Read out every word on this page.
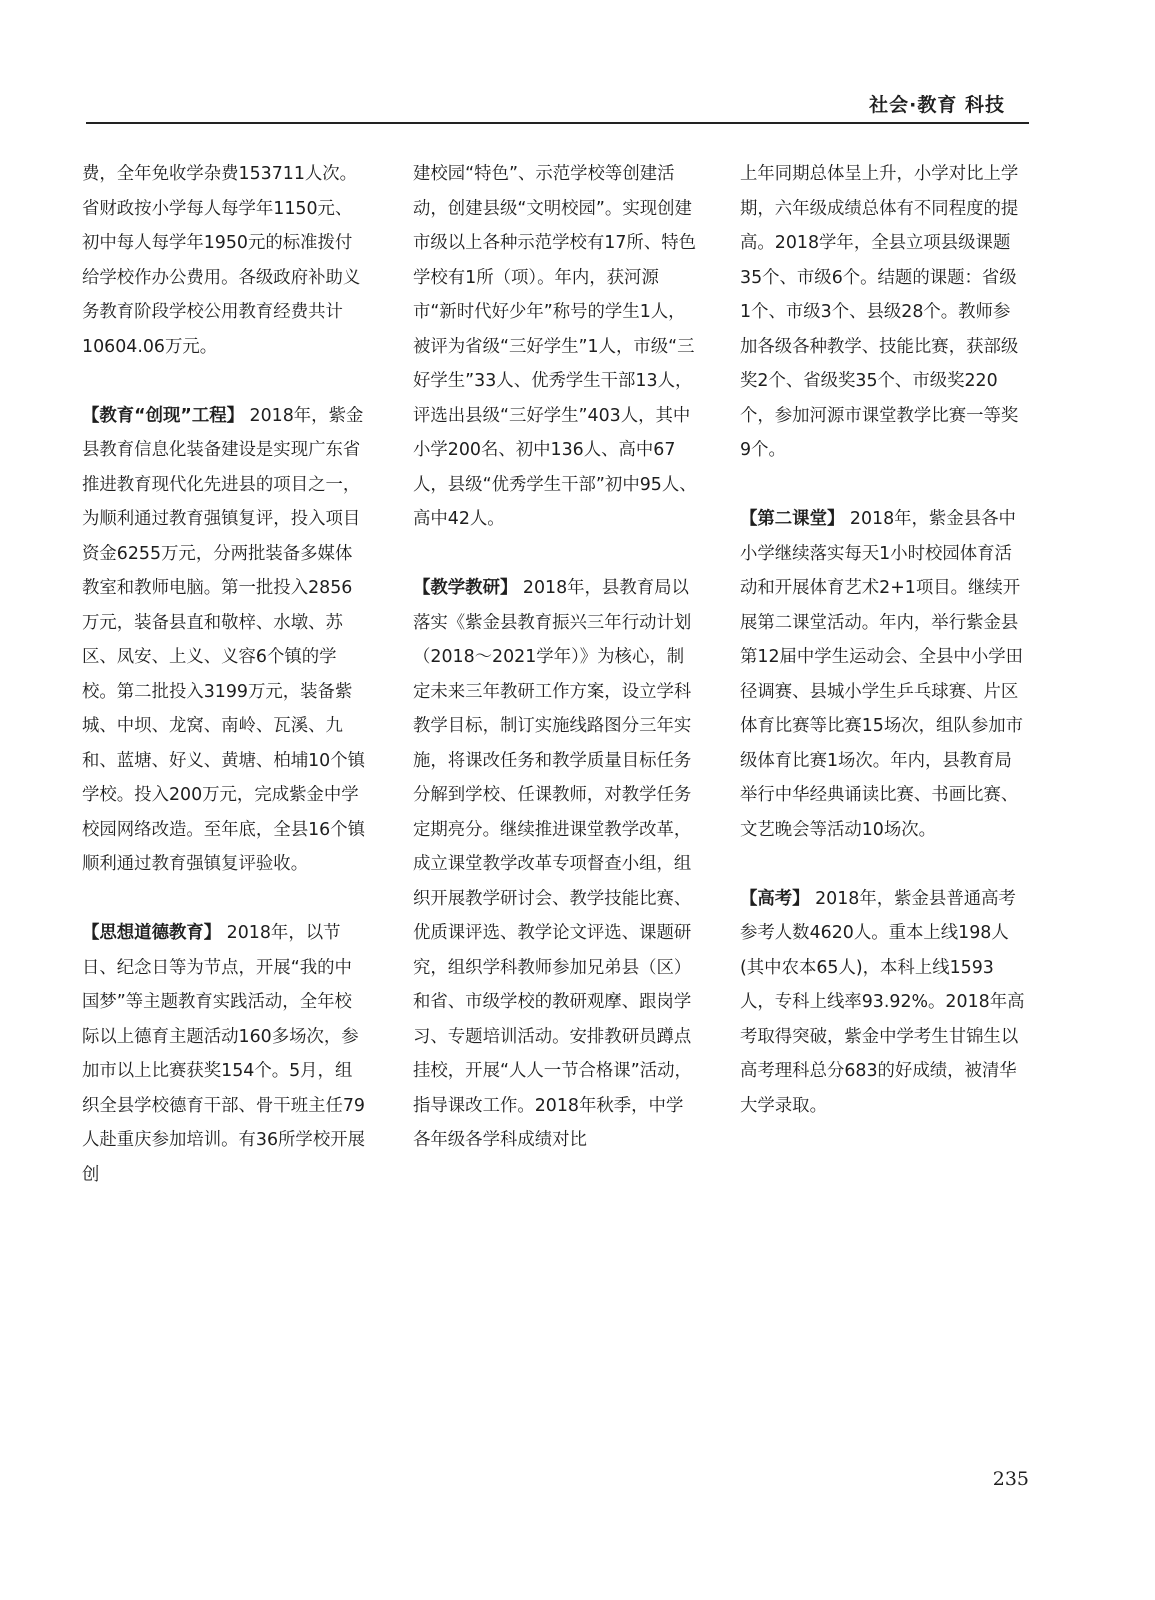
社会·教育 科技

费，全年免收学杂费153711人次。省财政按小学每人每学年1150元、初中每人每学年1950元的标准拨付给学校作办公费用。各级政府补助义务教育阶段学校公用教育经费共计10604.06万元。

【教育“创现”工程】 2018年，紫金县教育信息化装备建设是实现广东省推进教育现代化先进县的项目之一，为顺利通过教育强镇复评，投入项目资金6255万元，分两批装备多媒体教室和教师电脑。第一批投入2856万元，装备县直和敬梓、水墩、苏区、凤安、上义、义容6个镇的学校。第二批投入3199万元，装备紫城、中坝、龙窝、南岭、瓦溪、九和、蓝塘、好义、黄塘、柏埔10个镇学校。投入200万元，完成紫金中学校园网络改造。至年底，全县16个镇顺利通过教育强镇复评验收。

【思想道德教育】 2018年，以节日、纪念日等为节点，开展“我的中国梦”等主题教育实践活动，全年校际以上德育主题活动160多场次，参加市以上比赛获奖154个。5月，组织全县学校德育干部、骨干班主任79人赴重庆参加培训。有36所学校开展创

建校园“特色”、示范学校等创建活动，创建县级“文明校园”。实现创建市级以上各种示范学校有17所、特色学校有1所（项）。年内，获河源市“新时代好少年”称号的学生1人，被评为省级“三好学生”1人，市级“三好学生”33人、优秀学生干部13人，评选出县级“三好学生”403人，其中小学200名、初中136人、高中67人，县级“优秀学生干部”初中95人、高中42人。

【教学教研】 2018年，县教育局以落实《紫金县教育振兴三年行动计划（2018～2021学年）》为核心，制定未来三年教研工作方案，设立学科教学目标，制订实施线路图分三年实施，将课改任务和教学质量目标任务分解到学校、任课教师，对教学任务定期亮分。继续推进课堂教学改革，成立课堂教学改革专项督查小组，组织开展教学研讨会、教学技能比赛、优质课评选、教学论文评选、课题研究，组织学科教师参加兄弟县（区）和省、市级学校的教研观摩、跟岗学习、专题培训活动。安排教研员蹲点挂校，开展“人人一节合格课”活动，指导课改工作。2018年秋季，中学各年级各学科成绩对比

上年同期总体呈上升，小学对比上学期，六年级成绩总体有不同程度的提高。2018学年，全县立项县级课题35个、市级6个。结题的课题：省级1个、市级3个、县级28个。教师参加各级各种教学、技能比赛，获部级奖2个、省级奖35个、市级奖220个，参加河源市课堂教学比赛一等奖9个。

【第二课堂】 2018年，紫金县各中小学继续落实每天1小时校园体育活动和开展体育艺术2+1项目。继续开展第二课堂活动。年内，举行紫金县第12届中学生运动会、全县中小学田径调赛、县城小学生乒乓球赛、片区体育比赛等比赛15场次，组队参加市级体育比赛1场次。年内，县教育局举行中华经典诵读比赛、书画比赛、文艺晚会等活动10场次。

【高考】 2018年，紫金县普通高考参考人数4620人。重本上线198人(其中农本65人)，本科上线1593人，专科上线率93.92%。2018年高考取得突破，紫金中学考生甘锦生以高考理科总分683的好成绩，被清华大学录取。

235
